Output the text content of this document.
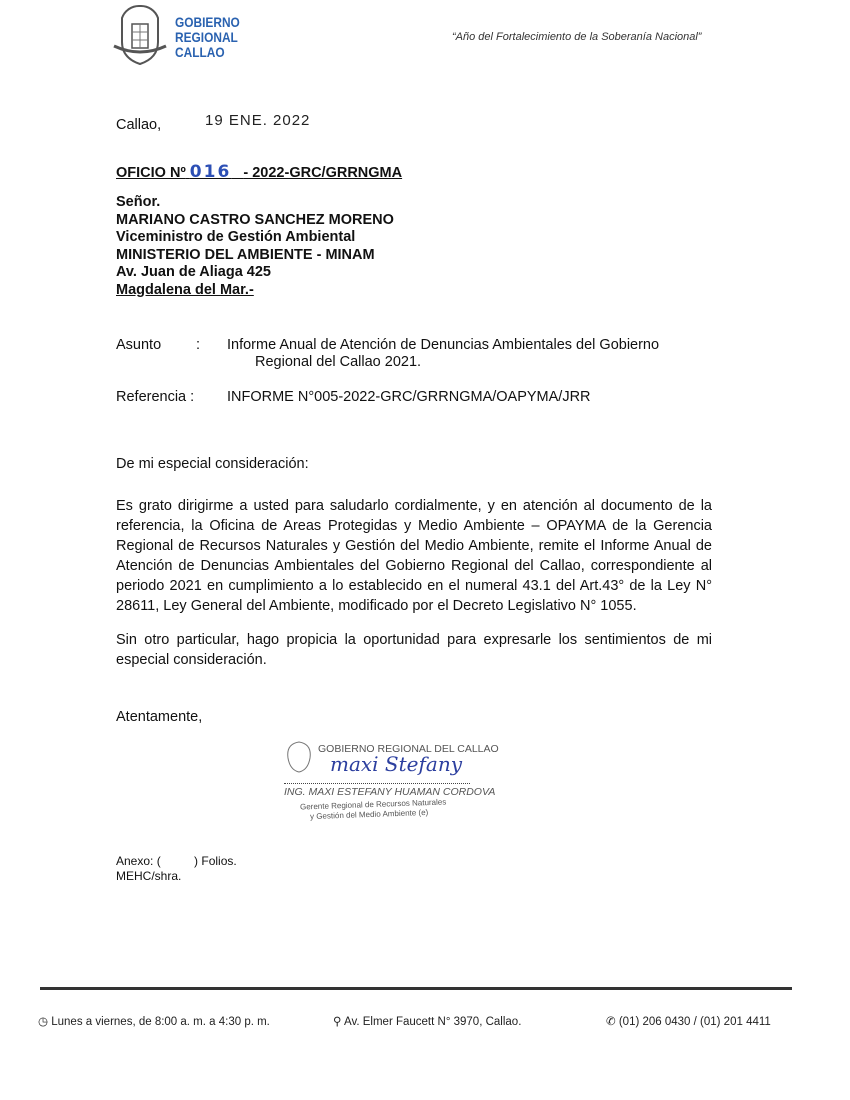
GOBIERNO
REGIONAL
CALLAO
“Año del Fortalecimiento de la Soberanía Nacional”
Callao,	19 ENE. 2022
OFICIO Nº 016 - 2022-GRC/GRRNGMA
Señor.
MARIANO CASTRO SANCHEZ MORENO
Viceministro de Gestión Ambiental
MINISTERIO DEL AMBIENTE - MINAM
Av. Juan de Aliaga 425
Magdalena del Mar.-
Asunto : Informe Anual de Atención de Denuncias Ambientales del Gobierno
Regional del Callao 2021.
Referencia : INFORME N°005-2022-GRC/GRRNGMA/OAPYMA/JRR
De mi especial consideración:
Es grato dirigirme a usted para saludarlo cordialmente, y en atención al documento de la referencia, la Oficina de Areas Protegidas y Medio Ambiente – OPAYMA de la Gerencia Regional de Recursos Naturales y Gestión del Medio Ambiente, remite el Informe Anual de Atención de Denuncias Ambientales del Gobierno Regional del Callao, correspondiente al periodo 2021 en cumplimiento a lo establecido en el numeral 43.1 del Art.43° de la Ley N° 28611, Ley General del Ambiente, modificado por el Decreto Legislativo N° 1055.
Sin otro particular, hago propicia la oportunidad para expresarle los sentimientos de mi especial consideración.
Atentamente,
GOBIERNO REGIONAL DEL CALLAO
maxi Stefany
ING. MAXI ESTEFANY HUAMAN CORDOVA
Gerente Regional de Recursos Naturales
y Gestión del Medio Ambiente (e)
Anexo: (          ) Folios.
MEHC/shra.
◷ Lunes a viernes, de 8:00 a. m. a 4:30 p. m.	⚲ Av. Elmer Faucett N° 3970, Callao.	✆ (01) 206 0430 / (01) 201 4411
